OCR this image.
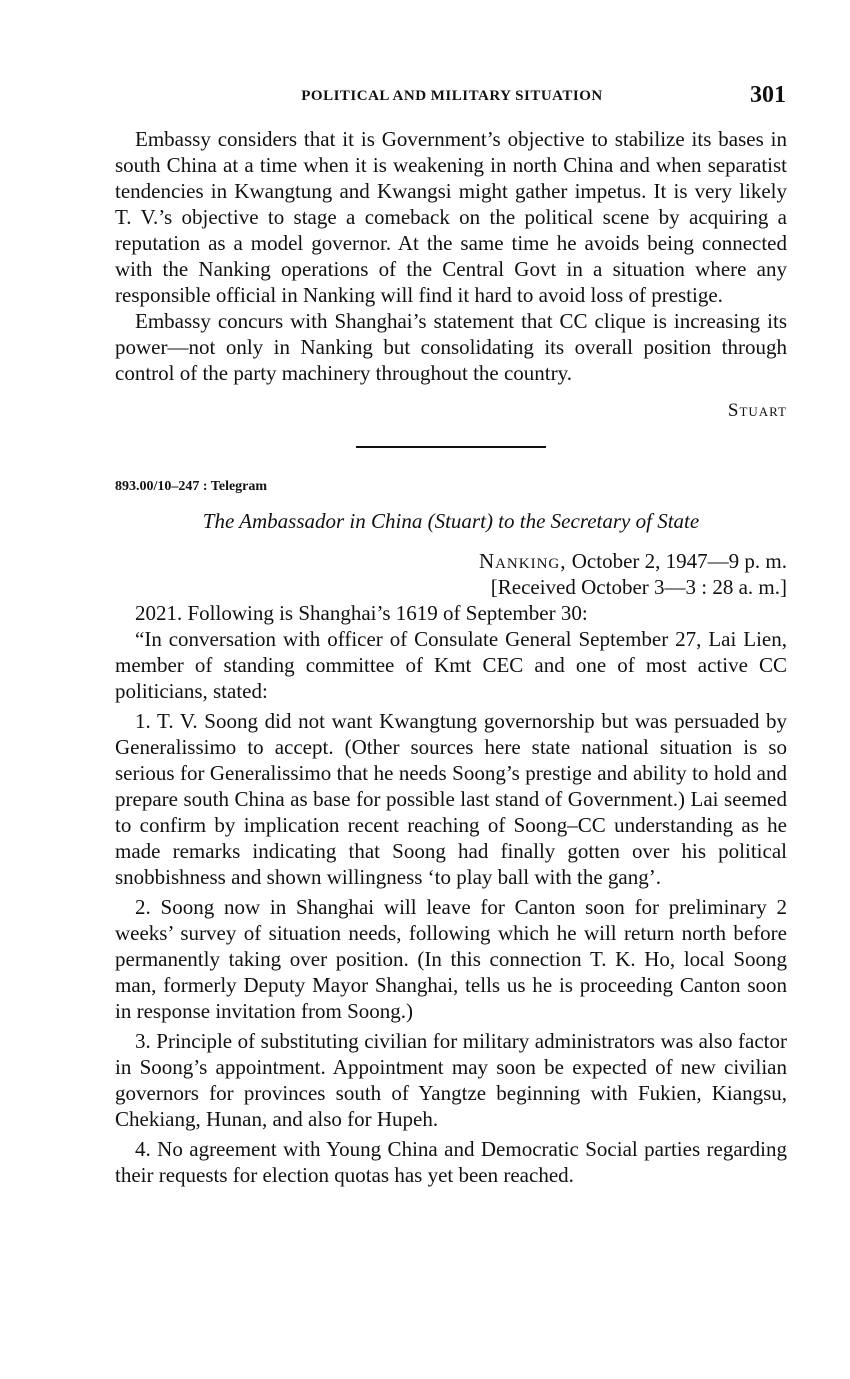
POLITICAL AND MILITARY SITUATION	301

Embassy considers that it is Government’s objective to stabilize its bases in south China at a time when it is weakening in north China and when separatist tendencies in Kwangtung and Kwangsi might gather impetus. It is very likely T. V.’s objective to stage a comeback on the political scene by acquiring a reputation as a model governor. At the same time he avoids being connected with the Nanking operations of the Central Govt in a situation where any responsible official in Nanking will find it hard to avoid loss of prestige.

Embassy concurs with Shanghai’s statement that CC clique is increasing its power—not only in Nanking but consolidating its overall position through control of the party machinery throughout the country.

Stuart
893.00/10–247 : Telegram
The Ambassador in China (Stuart) to the Secretary of State
Nanking, October 2, 1947—9 p. m.
[Received October 3—3 : 28 a. m.]

2021. Following is Shanghai’s 1619 of September 30:

“In conversation with officer of Consulate General September 27, Lai Lien, member of standing committee of Kmt CEC and one of most active CC politicians, stated:

1. T. V. Soong did not want Kwangtung governorship but was persuaded by Generalissimo to accept. (Other sources here state national situation is so serious for Generalissimo that he needs Soong’s prestige and ability to hold and prepare south China as base for possible last stand of Government.) Lai seemed to confirm by implication recent reaching of Soong–CC understanding as he made remarks indicating that Soong had finally gotten over his political snobbishness and shown willingness ‘to play ball with the gang’.

2. Soong now in Shanghai will leave for Canton soon for preliminary 2 weeks’ survey of situation needs, following which he will return north before permanently taking over position. (In this connection T. K. Ho, local Soong man, formerly Deputy Mayor Shanghai, tells us he is proceeding Canton soon in response invitation from Soong.)

3. Principle of substituting civilian for military administrators was also factor in Soong’s appointment. Appointment may soon be expected of new civilian governors for provinces south of Yangtze beginning with Fukien, Kiangsu, Chekiang, Hunan, and also for Hupeh.

4. No agreement with Young China and Democratic Social parties regarding their requests for election quotas has yet been reached.
